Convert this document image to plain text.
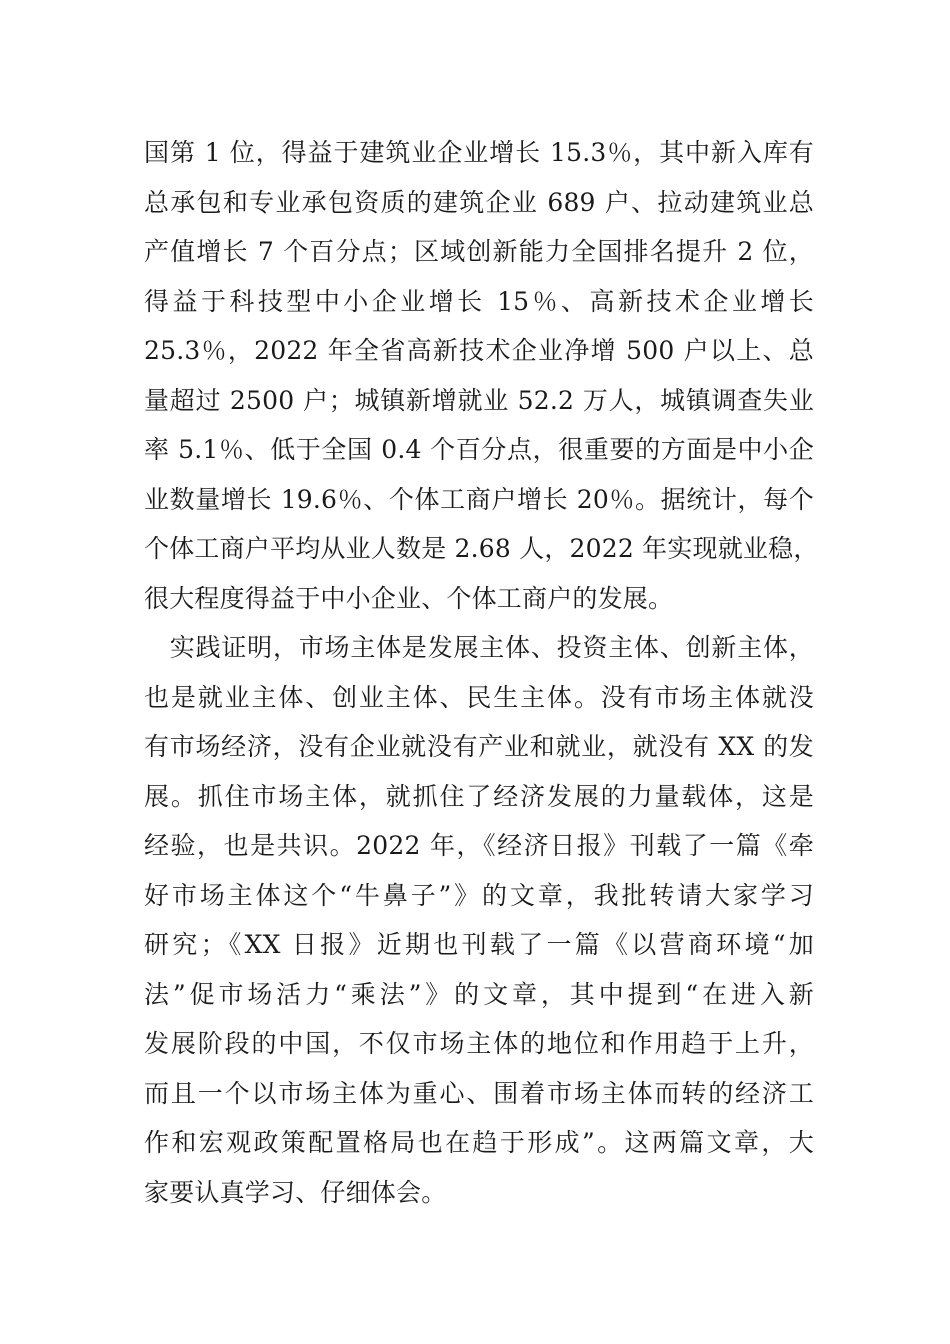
国第 1 位，得益于建筑业企业增长 15.3％，其中新入库有
总承包和专业承包资质的建筑企业 689 户、拉动建筑业总
产值增长 7 个百分点；区域创新能力全国排名提升 2 位，
得益于科技型中小企业增长 15％、高新技术企业增长
25.3％，2022 年全省高新技术企业净增 500 户以上、总
量超过 2500 户；城镇新增就业 52.2 万人，城镇调查失业
率 5.1％、低于全国 0.4 个百分点，很重要的方面是中小企
业数量增长 19.6％、个体工商户增长 20％。据统计，每个
个体工商户平均从业人数是 2.68 人，2022 年实现就业稳，
很大程度得益于中小企业、个体工商户的发展。
　实践证明，市场主体是发展主体、投资主体、创新主体，
也是就业主体、创业主体、民生主体。没有市场主体就没
有市场经济，没有企业就没有产业和就业，就没有 XX 的发
展。抓住市场主体，就抓住了经济发展的力量载体，这是
经验，也是共识。2022 年，《经济日报》刊载了一篇《牵
好市场主体这个“牛鼻子”》的文章，我批转请大家学习
研究；《XX 日报》近期也刊载了一篇《以营商环境“加
法”促市场活力“乘法”》的文章，其中提到“在进入新
发展阶段的中国，不仅市场主体的地位和作用趋于上升，
而且一个以市场主体为重心、围着市场主体而转的经济工
作和宏观政策配置格局也在趋于形成”。这两篇文章，大
家要认真学习、仔细体会。
